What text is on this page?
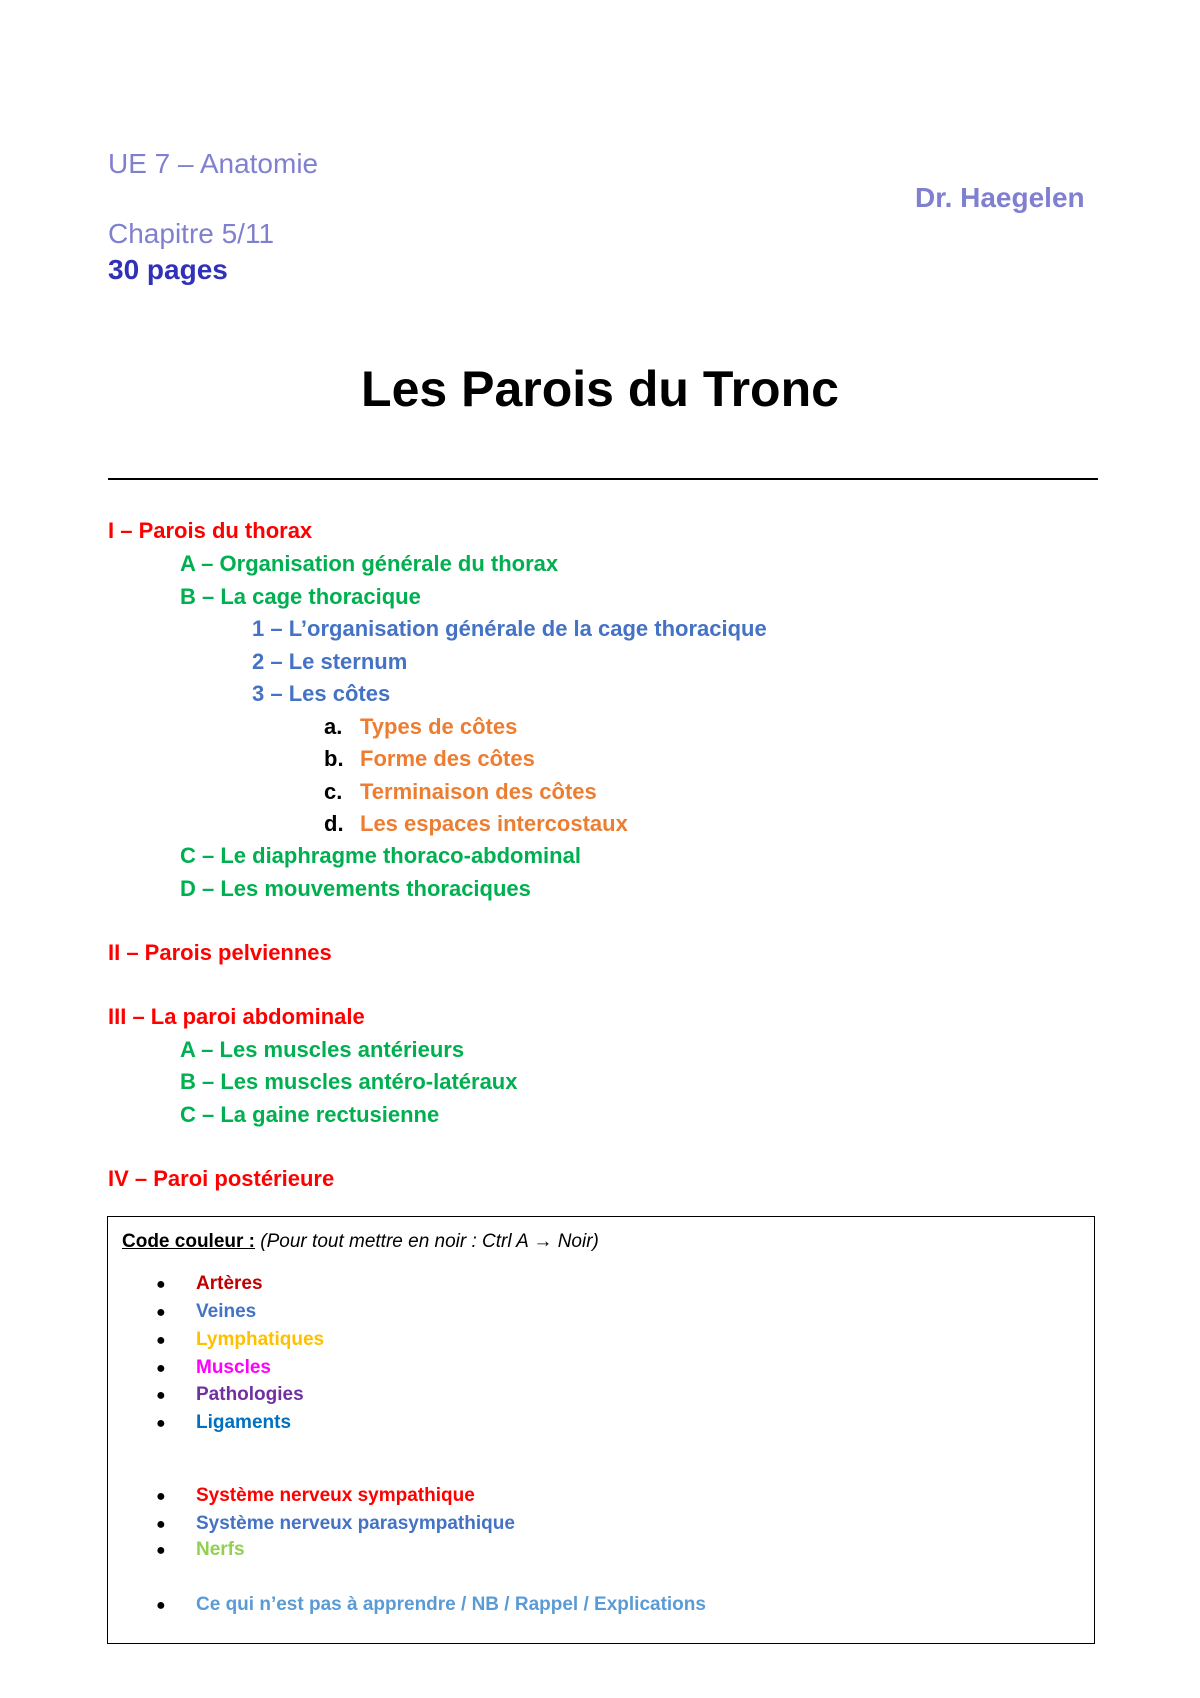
UE 7 – Anatomie
Dr. Haegelen
Chapitre 5/11
30 pages
Les Parois du Tronc
I – Parois du thorax
A – Organisation générale du thorax
B – La cage thoracique
1 – L’organisation générale de la cage thoracique
2 – Le sternum
3 – Les côtes
a. Types de côtes
b. Forme des côtes
c. Terminaison des côtes
d. Les espaces intercostaux
C – Le diaphragme thoraco-abdominal
D – Les mouvements thoraciques
II – Parois pelviennes
III – La paroi abdominale
A – Les muscles antérieurs
B – Les muscles antéro-latéraux
C – La gaine rectusienne
IV – Paroi postérieure
Code couleur : (Pour tout mettre en noir : Ctrl A → Noir)
● Artères
● Veines
● Lymphatiques
● Muscles
● Pathologies
● Ligaments
● Système nerveux sympathique
● Système nerveux parasympathique
● Nerfs
● Ce qui n’est pas à apprendre / NB / Rappel / Explications
